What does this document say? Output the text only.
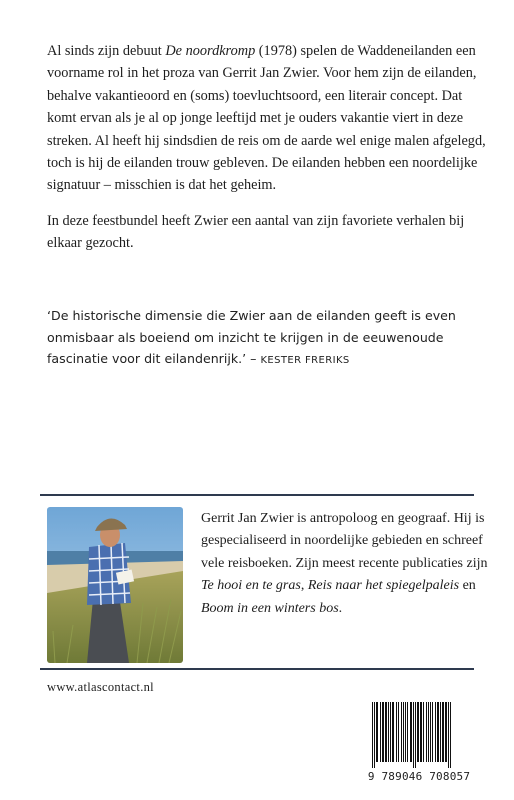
Al sinds zijn debuut De noordkromp (1978) spelen de Waddeneilanden een voorname rol in het proza van Gerrit Jan Zwier. Voor hem zijn de eilanden, behalve vakantieoord en (soms) toevluchtsoord, een literair concept. Dat komt ervan als je al op jonge leeftijd met je ouders vakantie viert in deze streken. Al heeft hij sindsdien de reis om de aarde wel enige malen afgelegd, toch is hij de eilanden trouw gebleven. De eilanden hebben een noordelijke signatuur – misschien is dat het geheim.

In deze feestbundel heeft Zwier een aantal van zijn favoriete verhalen bij elkaar gezocht.

‘De historische dimensie die Zwier aan de eilanden geeft is even onmisbaar als boeiend om inzicht te krijgen in de eeuwenoude fascinatie voor dit eilandenrijk.’ – KESTER FRERIKS
Gerrit Jan Zwier is antropoloog en geograaf. Hij is gespecialiseerd in noordelijke gebieden en schreef vele reisboeken. Zijn meest recente publicaties zijn Te hooi en te gras, Reis naar het spiegelpaleis en Boom in een winters bos.
www.atlascontact.nl
9 789046 708057
